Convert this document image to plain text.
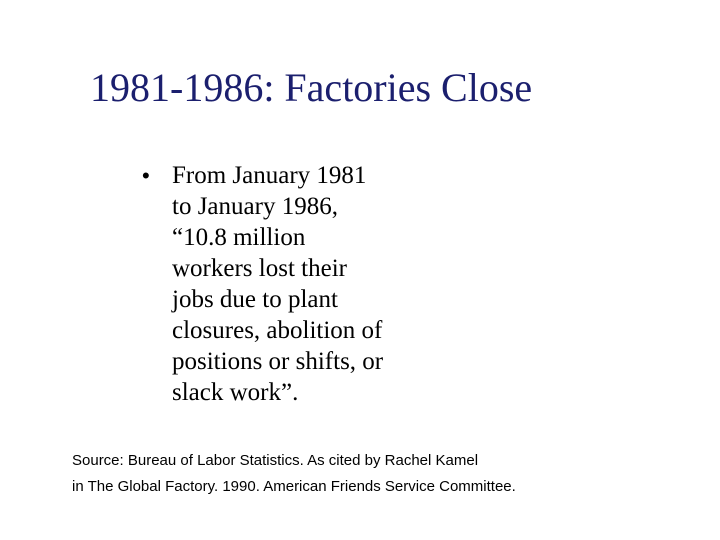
1981-1986: Factories Close
• From January 1981
to January 1986,
“10.8 million
workers lost their
jobs due to plant
closures, abolition of
positions or shifts, or
slack work”.
Source: Bureau of Labor Statistics. As cited by Rachel Kamel
in The Global Factory. 1990. American Friends Service Committee.
